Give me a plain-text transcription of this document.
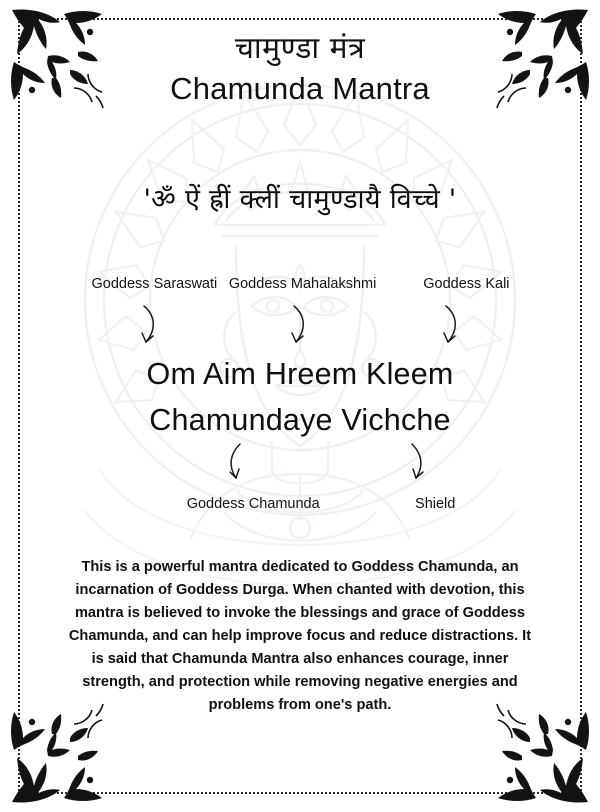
चामुण्डा मंत्र
Chamunda Mantra
'ॐ ऐं ह्रीं क्लीं चामुण्डायै विच्चे '
Goddess Saraswati Goddess Mahalakshmi	Goddess Kali
Om Aim Hreem Kleem
Chamundaye Vichche
Goddess Chamunda	Shield

This is a powerful mantra dedicated to Goddess Chamunda, an incarnation of Goddess Durga. When chanted with devotion, this mantra is believed to invoke the blessings and grace of Goddess Chamunda, and can help improve focus and reduce distractions. It is said that Chamunda Mantra also enhances courage, inner strength, and protection while removing negative energies and problems from one's path.
